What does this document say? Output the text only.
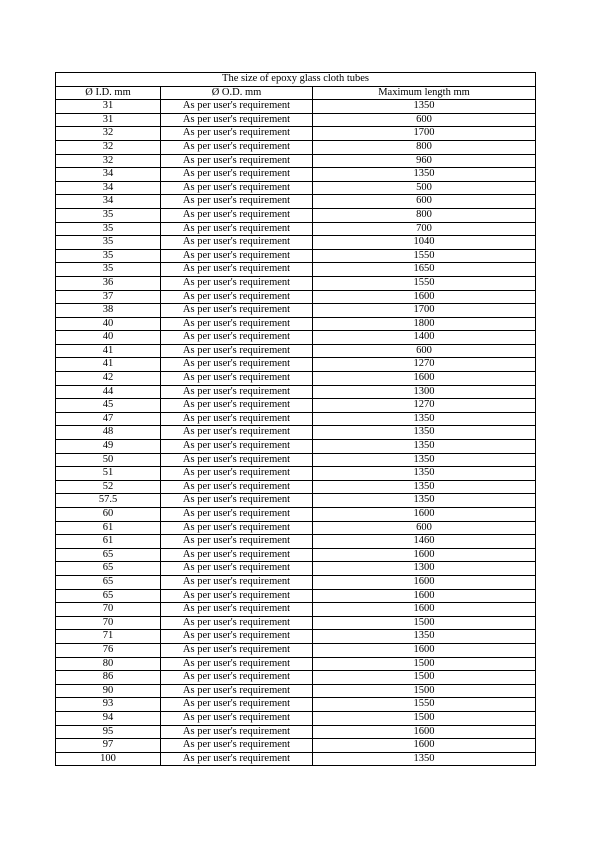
The size of epoxy glass cloth tubes		
Ø I.D. mm	Ø O.D. mm	Maximum length mm
31	As per user's requirement	1350
31	As per user's requirement	600
32	As per user's requirement	1700
32	As per user's requirement	800
32	As per user's requirement	960
34	As per user's requirement	1350
34	As per user's requirement	500
34	As per user's requirement	600
35	As per user's requirement	800
35	As per user's requirement	700
35	As per user's requirement	1040
35	As per user's requirement	1550
35	As per user's requirement	1650
36	As per user's requirement	1550
37	As per user's requirement	1600
38	As per user's requirement	1700
40	As per user's requirement	1800
40	As per user's requirement	1400
41	As per user's requirement	600
41	As per user's requirement	1270
42	As per user's requirement	1600
44	As per user's requirement	1300
45	As per user's requirement	1270
47	As per user's requirement	1350
48	As per user's requirement	1350
49	As per user's requirement	1350
50	As per user's requirement	1350
51	As per user's requirement	1350
52	As per user's requirement	1350
57.5	As per user's requirement	1350
60	As per user's requirement	1600
61	As per user's requirement	600
61	As per user's requirement	1460
65	As per user's requirement	1600
65	As per user's requirement	1300
65	As per user's requirement	1600
65	As per user's requirement	1600
70	As per user's requirement	1600
70	As per user's requirement	1500
71	As per user's requirement	1350
76	As per user's requirement	1600
80	As per user's requirement	1500
86	As per user's requirement	1500
90	As per user's requirement	1500
93	As per user's requirement	1550
94	As per user's requirement	1500
95	As per user's requirement	1600
97	As per user's requirement	1600
100	As per user's requirement	1350
